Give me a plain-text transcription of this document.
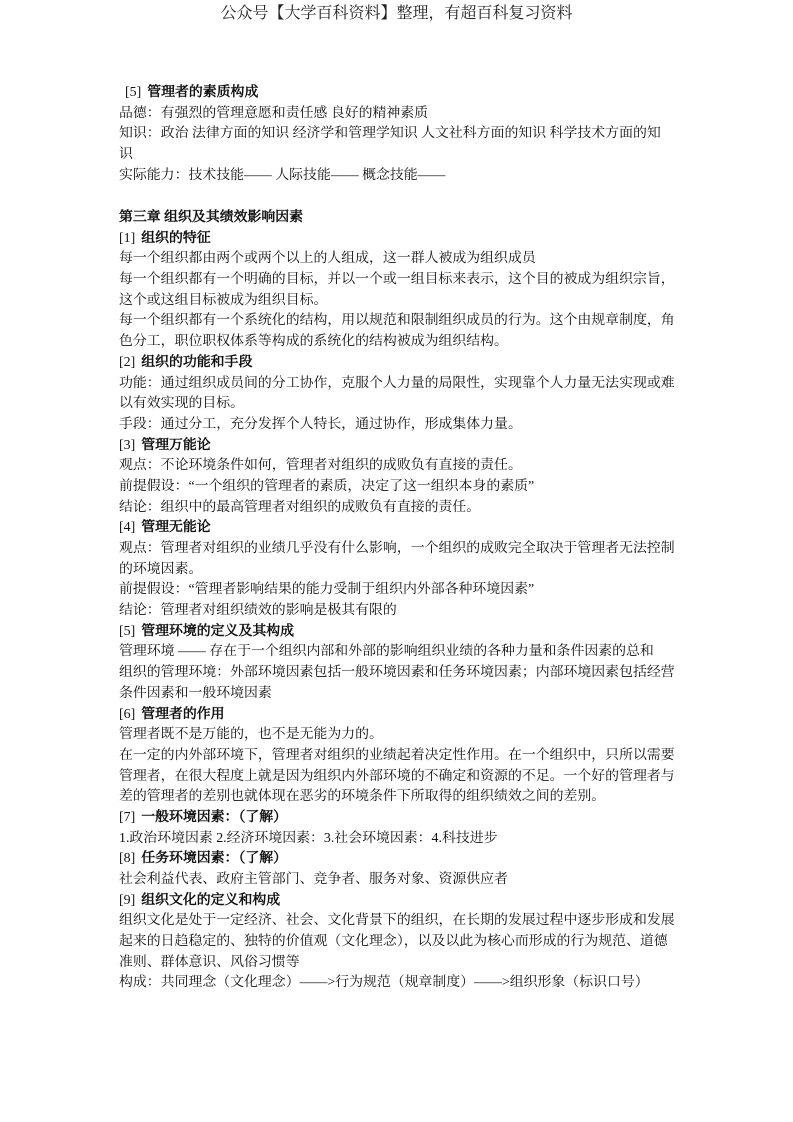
公众号【大学百科资料】整理，有超百科复习资料
[5] 管理者的素质构成
品德：有强烈的管理意愿和责任感 良好的精神素质
知识：政治 法律方面的知识 经济学和管理学知识 人文社科方面的知识 科学技术方面的知
识
实际能力：技术技能—— 人际技能—— 概念技能——
第三章 组织及其绩效影响因素
[1] 组织的特征
每一个组织都由两个或两个以上的人组成，这一群人被成为组织成员
每一个组织都有一个明确的目标，并以一个或一组目标来表示，这个目的被成为组织宗旨，
这个或这组目标被成为组织目标。
每一个组织都有一个系统化的结构，用以规范和限制组织成员的行为。这个由规章制度，角
色分工，职位职权体系等构成的系统化的结构被成为组织结构。
[2] 组织的功能和手段
功能：通过组织成员间的分工协作，克服个人力量的局限性，实现靠个人力量无法实现或难
以有效实现的目标。
手段：通过分工，充分发挥个人特长，通过协作，形成集体力量。
[3] 管理万能论
观点：不论环境条件如何，管理者对组织的成败负有直接的责任。
前提假设：“一个组织的管理者的素质，决定了这一组织本身的素质”
结论：组织中的最高管理者对组织的成败负有直接的责任。
[4] 管理无能论
观点：管理者对组织的业绩几乎没有什么影响，一个组织的成败完全取决于管理者无法控制
的环境因素。
前提假设：“管理者影响结果的能力受制于组织内外部各种环境因素”
结论：管理者对组织绩效的影响是极其有限的
[5] 管理环境的定义及其构成
管理环境 —— 存在于一个组织内部和外部的影响组织业绩的各种力量和条件因素的总和
组织的管理环境：外部环境因素包括一般环境因素和任务环境因素；内部环境因素包括经营
条件因素和一般环境因素
[6] 管理者的作用
管理者既不是万能的，也不是无能为力的。
在一定的内外部环境下，管理者对组织的业绩起着决定性作用。在一个组织中，只所以需要
管理者，在很大程度上就是因为组织内外部环境的不确定和资源的不足。一个好的管理者与
差的管理者的差别也就体现在恶劣的环境条件下所取得的组织绩效之间的差别。
[7] 一般环境因素：（了解）
1.政治环境因素 2.经济环境因素：3.社会环境因素：4.科技进步
[8] 任务环境因素：（了解）
社会利益代表、政府主管部门、竞争者、服务对象、资源供应者
[9] 组织文化的定义和构成
组织文化是处于一定经济、社会、文化背景下的组织，在长期的发展过程中逐步形成和发展
起来的日趋稳定的、独特的价值观（文化理念），以及以此为核心而形成的行为规范、道德
准则、群体意识、风俗习惯等
构成：共同理念（文化理念）——>行为规范（规章制度）——>组织形象（标识口号）
